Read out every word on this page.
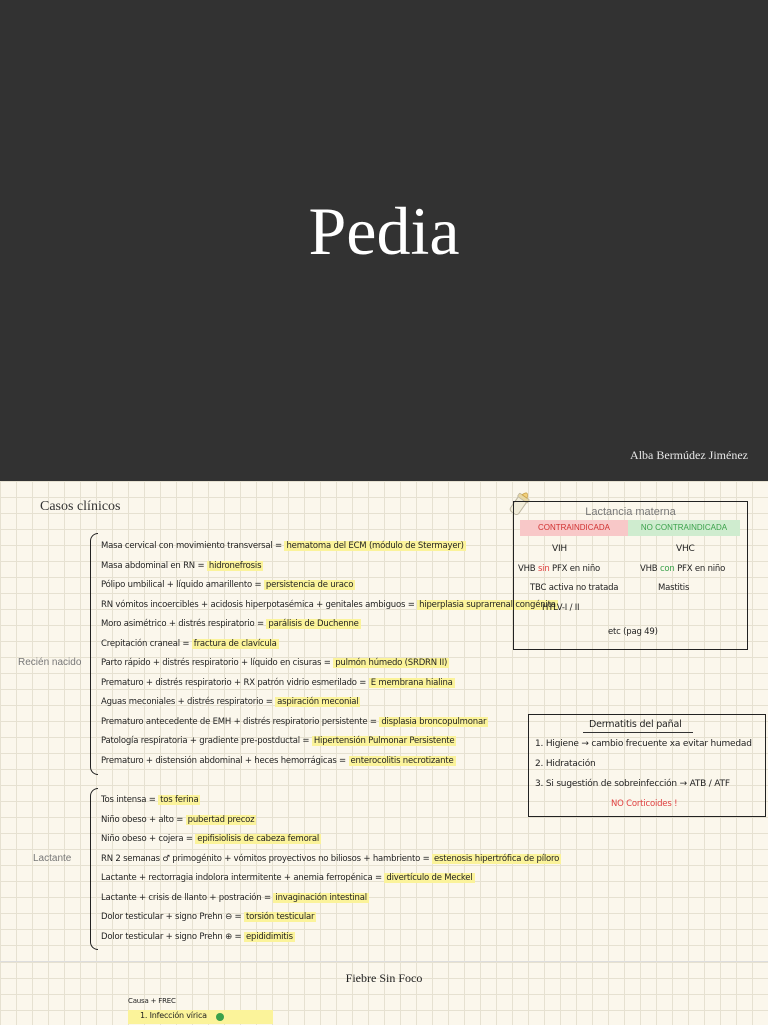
Pedia
Alba Bermúdez Jiménez
Casos clínicos
Recién nacido
Masa cervical con movimiento transversal = hematoma del ECM (módulo de Stermayer)
Masa abdominal en RN = hidronefrosis
Pólipo umbilical + líquido amarillento = persistencia de uraco
RN vómitos incoercibles + acidosis hiperpotasémica + genitales ambiguos = hiperplasia suprarrenal congénita
Moro asimétrico + distrés respiratorio = parálisis de Duchenne
Crepitación craneal = fractura de clavícula
Parto rápido + distrés respiratorio + líquido en cisuras = pulmón húmedo (SRDRN II)
Prematuro + distrés respiratorio + RX patrón vidrio esmerilado = E membrana hialina
Aguas meconiales + distrés respiratorio = aspiración meconial
Prematuro antecedente de EMH + distrés respiratorio persistente = displasia broncopulmonar
Patología respiratoria + gradiente pre-postductal = Hipertensión Pulmonar Persistente
Prematuro + distensión abdominal + heces hemorrágicas = enterocolitis necrotizante
Lactante
Tos intensa = tos ferina
Niño obeso + alto = pubertad precoz
Niño obeso + cojera = epifisiolisis de cabeza femoral
RN 2 semanas ♂ primogénito + vómitos proyectivos no biliosos + hambriento = estenosis hipertrófica de píloro
Lactante + rectorragia indolora intermitente + anemia ferropénica = divertículo de Meckel
Lactante + crisis de llanto + postración = invaginación intestinal
Dolor testicular + signo Prehn ⊖ = torsión testicular
Dolor testicular + signo Prehn ⊕ = epididimitis
Lactancia materna
CONTRAINDICADA	NO CONTRAINDICADA
VIH
VHB sin PFX en niño
TBC activa no tratada
HTLV-I / II
VHC
VHB con PFX en niño
Mastitis
etc (pag 49)
Dermatitis del pañal
1. Higiene → cambio frecuente xa evitar humedad
2. Hidratación
3. Si sugestión de sobreinfección → ATB / ATF
NO Corticoides !
Fiebre Sin Foco
Causa + FREC
1. Infección vírica
